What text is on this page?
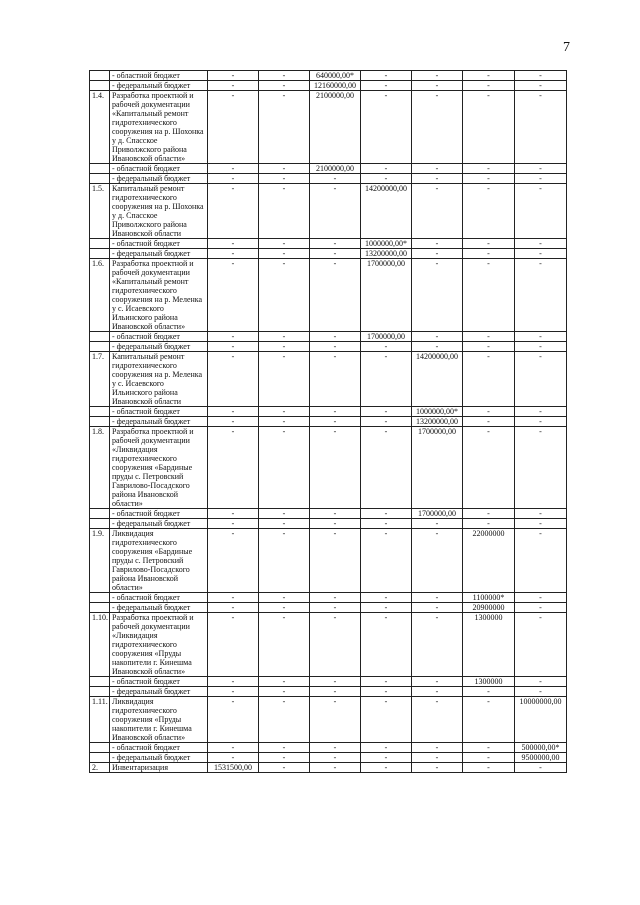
7
	- областной бюджет	-	-	640000,00*	-	-	-	-
	- федеральный бюджет	-	-	12160000,00	-	-	-	-
1.4.	Разработка проектной и рабочей документации «Капитальный ремонт гидротехнического сооружения на р. Шохонка у д. Спасское Приволжского района Ивановской области»	-	-	2100000,00	-	-	-	-
	- областной бюджет	-	-	2100000,00	-	-	-	-
	- федеральный бюджет	-	-	-	-	-	-	-
1.5.	Капитальный ремонт гидротехнического сооружения на р. Шохонка у д. Спасское Приволжского района Ивановской области	-	-	-	14200000,00	-	-	-
	- областной бюджет	-	-	-	1000000,00*	-	-	-
	- федеральный бюджет	-	-	-	13200000,00	-	-	-
1.6.	Разработка проектной и рабочей документации «Капитальный ремонт гидротехнического сооружения на р. Меленка у с. Исаевского Ильинского района Ивановской области»	-	-	-	1700000,00	-	-	-
	- областной бюджет	-	-	-	1700000,00	-	-	-
	- федеральный бюджет	-	-	-	-	-	-	-
1.7.	Капитальный ремонт гидротехнического сооружения на р. Меленка у с. Исаевского Ильинского района Ивановской области	-	-	-	-	14200000,00	-	-
	- областной бюджет	-	-	-	-	1000000,00*	-	-
	- федеральный бюджет	-	-	-	-	13200000,00	-	-
1.8.	Разработка проектной и рабочей документации «Ликвидация гидротехнического сооружения «Бардиные пруды с. Петровский Гаврилово-Посадского района Ивановской области»	-	-	-	-	1700000,00	-	-
	- областной бюджет	-	-	-	-	1700000,00	-	-
	- федеральный бюджет	-	-	-	-	-	-	-
1.9.	Ликвидация гидротехнического сооружения «Бардиные пруды с. Петровский Гаврилово-Посадского района Ивановской области»	-	-	-	-	-	22000000	-
	- областной бюджет	-	-	-	-	-	1100000*	-
	- федеральный бюджет	-	-	-	-	-	20900000	-
1.10.	Разработка проектной и рабочей документации «Ликвидация гидротехнического сооружения «Пруды накопители г. Кинешма Ивановской области»	-	-	-	-	-	1300000	-
	- областной бюджет	-	-	-	-	-	1300000	-
	- федеральный бюджет	-	-	-	-	-	-	-
1.11.	Ликвидация гидротехнического сооружения «Пруды накопители г. Кинешма Ивановской области»	-	-	-	-	-	-	10000000,00
	- областной бюджет	-	-	-	-	-	-	500000,00*
	- федеральный бюджет	-	-	-	-	-	-	9500000,00
2.	Инвентаризация	1531500,00	-	-	-	-	-	-
